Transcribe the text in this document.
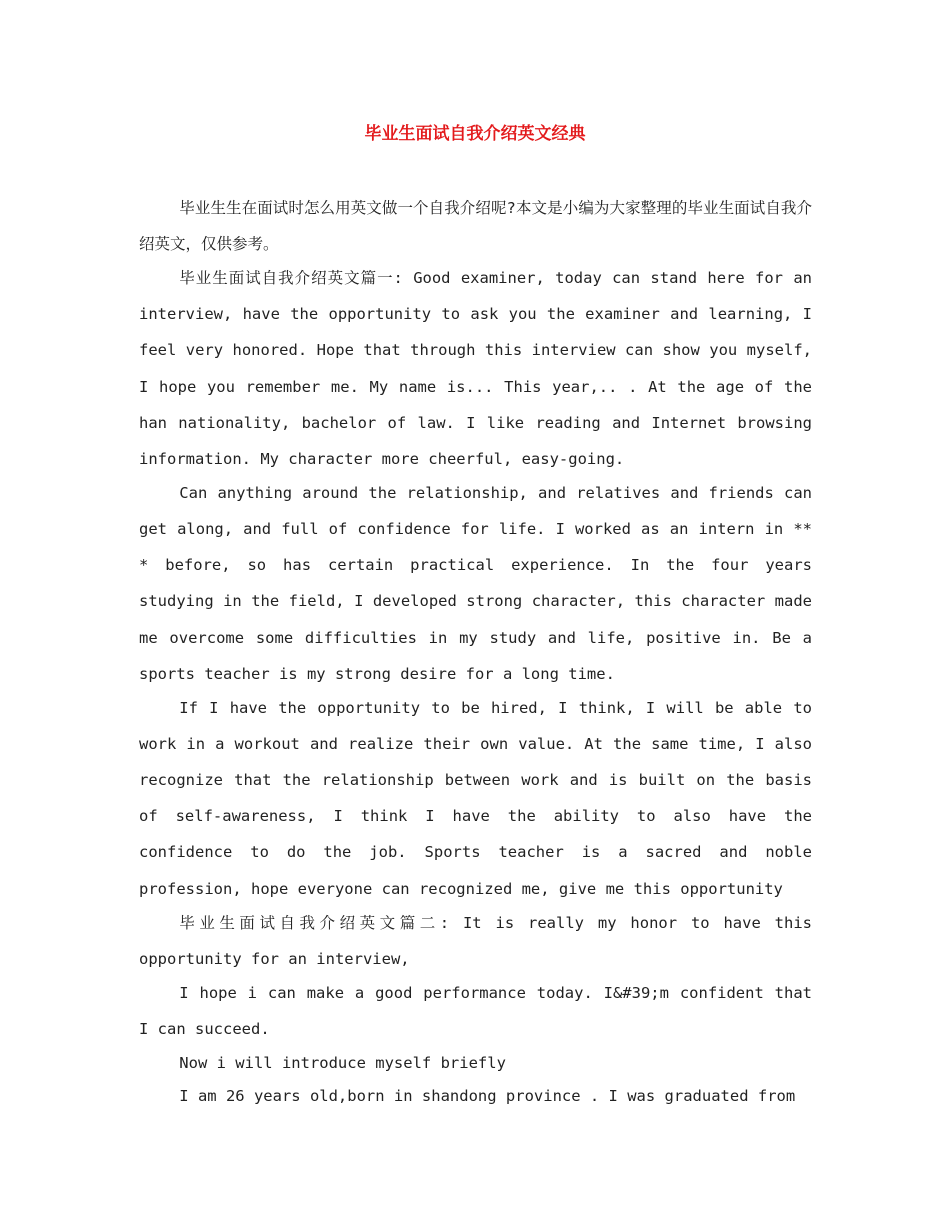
毕业生面试自我介绍英文经典

毕业生生在面试时怎么用英文做一个自我介绍呢?本文是小编为大家整理的毕业生面试自我介绍英文，仅供参考。

毕业生面试自我介绍英文篇一: Good examiner, today can stand here for an interview, have the opportunity to ask you the examiner and learning, I feel very honored. Hope that through this interview can show you myself, I hope you remember me. My name is... This year,.. . At the age of the han nationality, bachelor of law. I like reading and Internet browsing information. My character more cheerful, easy-going.

Can anything around the relationship, and relatives and friends can get along, and full of confidence for life. I worked as an intern in ** * before, so has certain practical experience. In the four years studying in the field, I developed strong character, this character made me overcome some difficulties in my study and life, positive in. Be a sports teacher is my strong desire for a long time.

If I have the opportunity to be hired, I think, I will be able to work in a workout and realize their own value. At the same time, I also recognize that the relationship between work and is built on the basis of self-awareness, I think I have the ability to also have the confidence to do the job. Sports teacher is a sacred and noble profession, hope everyone can recognized me, give me this opportunity

毕业生面试自我介绍英文篇二: It is really my honor to have this opportunity for an interview,

I hope i can make a good performance today. I&#39;m confident that I can succeed.

Now i will introduce myself briefly

I am 26 years old,born in shandong province . I was graduated from
